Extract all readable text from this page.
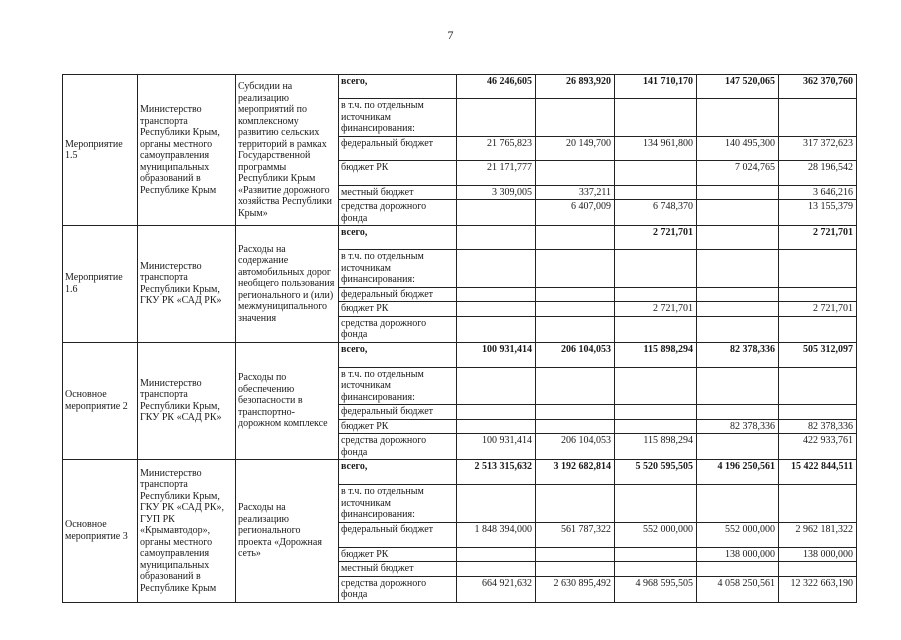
7
Мероприятие 1.5	Министерство транспорта Республики Крым, органы местного самоуправления муниципальных образований в Республике Крым	Субсидии на реализацию мероприятий по комплексному развитию сельских территорий в рамках Государственной программы Республики Крым «Развитие дорожного хозяйства Республики Крым»	всего,	46 246,605	26 893,920	141 710,170	147 520,065	362 370,760
			в т.ч. по отдельным источникам финансирования:					
			федеральный бюджет	21 765,823	20 149,700	134 961,800	140 495,300	317 372,623
			бюджет РК	21 171,777			7 024,765	28 196,542
			местный бюджет	3 309,005	337,211			3 646,216
			средства дорожного фонда		6 407,009	6 748,370		13 155,379
Мероприятие 1.6	Министерство транспорта Республики Крым, ГКУ РК «САД РК»	Расходы на содержание автомобильных дорог необщего пользования регионального и (или) межмуниципального значения	всего,			2 721,701		2 721,701
			в т.ч. по отдельным источникам финансирования:					
			федеральный бюджет					
			бюджет РК			2 721,701		2 721,701
			средства дорожного фонда					
Основное мероприятие 2	Министерство транспорта Республики Крым, ГКУ РК «САД РК»	Расходы по обеспечению безопасности в транспортно-дорожном комплексе	всего,	100 931,414	206 104,053	115 898,294	82 378,336	505 312,097
			в т.ч. по отдельным источникам финансирования:					
			федеральный бюджет					
			бюджет РК				82 378,336	82 378,336
			средства дорожного фонда	100 931,414	206 104,053	115 898,294		422 933,761
Основное мероприятие 3	Министерство транспорта Республики Крым, ГКУ РК «САД РК», ГУП РК «Крымавтодор», органы местного самоуправления муниципальных образований в Республике Крым	Расходы на реализацию регионального проекта «Дорожная сеть»	всего,	2 513 315,632	3 192 682,814	5 520 595,505	4 196 250,561	15 422 844,511
			в т.ч. по отдельным источникам финансирования:					
			федеральный бюджет	1 848 394,000	561 787,322	552 000,000	552 000,000	2 962 181,322
			бюджет РК				138 000,000	138 000,000
			местный бюджет					
			средства дорожного фонда	664 921,632	2 630 895,492	4 968 595,505	4 058 250,561	12 322 663,190
